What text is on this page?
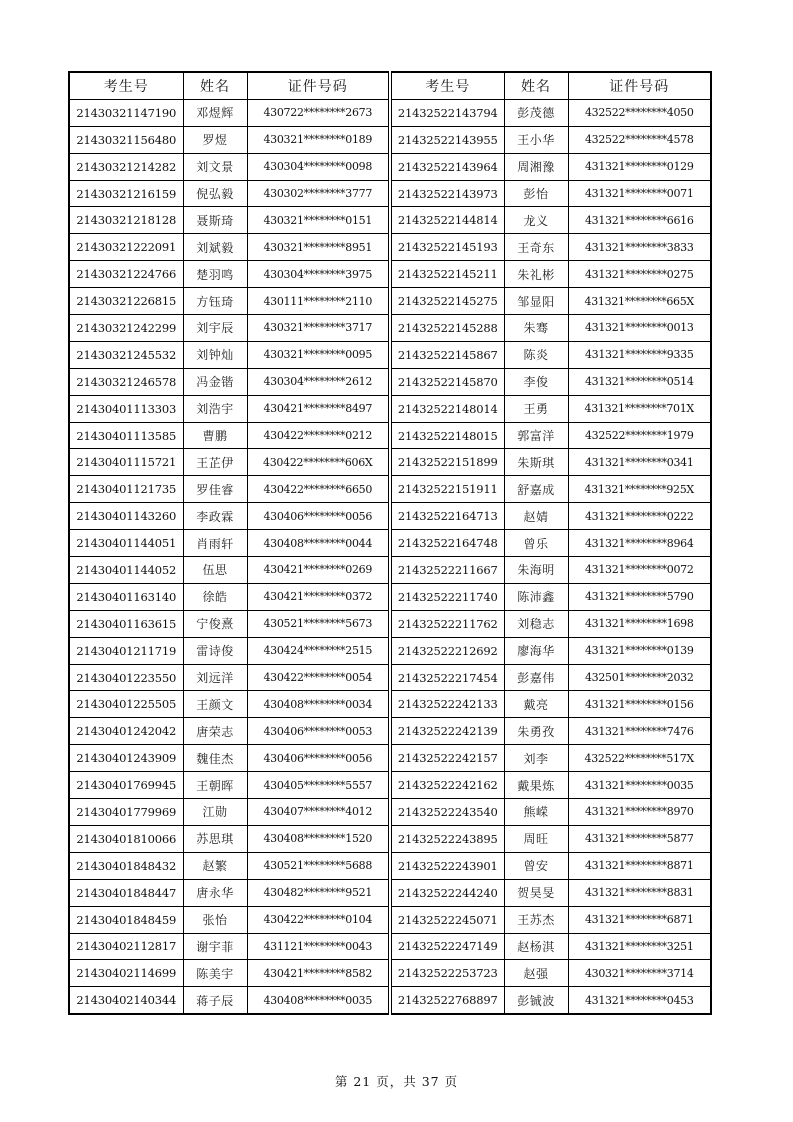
考生号	姓名	证件号码	考生号	姓名	证件号码
21430321147190	邓煜辉	430722********2673	21432522143794	彭茂德	432522********4050
21430321156480	罗煜	430321********0189	21432522143955	王小华	432522********4578
21430321214282	刘文景	430304********0098	21432522143964	周湘豫	431321********0129
21430321216159	倪弘毅	430302********3777	21432522143973	彭怡	431321********0071
21430321218128	聂斯琦	430321********0151	21432522144814	龙义	431321********6616
21430321222091	刘斌毅	430321********8951	21432522145193	王奇东	431321********3833
21430321224766	楚羽鸣	430304********3975	21432522145211	朱礼彬	431321********0275
21430321226815	方钰琦	430111********2110	21432522145275	邹显阳	431321********665X
21430321242299	刘宇辰	430321********3717	21432522145288	朱骞	431321********0013
21430321245532	刘钟灿	430321********0095	21432522145867	陈炎	431321********9335
21430321246578	冯金锴	430304********2612	21432522145870	李俊	431321********0514
21430401113303	刘浩宇	430421********8497	21432522148014	王勇	431321********701X
21430401113585	曹鹏	430422********0212	21432522148015	郭富洋	432522********1979
21430401115721	王芷伊	430422********606X	21432522151899	朱斯琪	431321********0341
21430401121735	罗佳睿	430422********6650	21432522151911	舒嘉成	431321********925X
21430401143260	李政霖	430406********0056	21432522164713	赵婧	431321********0222
21430401144051	肖雨轩	430408********0044	21432522164748	曾乐	431321********8964
21430401144052	伍思	430421********0269	21432522211667	朱海明	431321********0072
21430401163140	徐皓	430421********0372	21432522211740	陈沛鑫	431321********5790
21430401163615	宁俊熹	430521********5673	21432522211762	刘稳志	431321********1698
21430401211719	雷诗俊	430424********2515	21432522212692	廖海华	431321********0139
21430401223550	刘远洋	430422********0054	21432522217454	彭嘉伟	432501********2032
21430401225505	王颜文	430408********0034	21432522242133	戴亮	431321********0156
21430401242042	唐荣志	430406********0053	21432522242139	朱勇孜	431321********7476
21430401243909	魏佳杰	430406********0056	21432522242157	刘李	432522********517X
21430401769945	王朝晖	430405********5557	21432522242162	戴果炼	431321********0035
21430401779969	江勋	430407********4012	21432522243540	熊嵘	431321********8970
21430401810066	苏思琪	430408********1520	21432522243895	周旺	431321********5877
21430401848432	赵繁	430521********5688	21432522243901	曾安	431321********8871
21430401848447	唐永华	430482********9521	21432522244240	贺昊旻	431321********8831
21430401848459	张怡	430422********0104	21432522245071	王苏杰	431321********6871
21430402112817	谢宇菲	431121********0043	21432522247149	赵杨淇	431321********3251
21430402114699	陈美宇	430421********8582	21432522253723	赵强	430321********3714
21430402140344	蒋子辰	430408********0035	21432522768897	彭铖波	431321********0453
第 21 页，共 37 页
